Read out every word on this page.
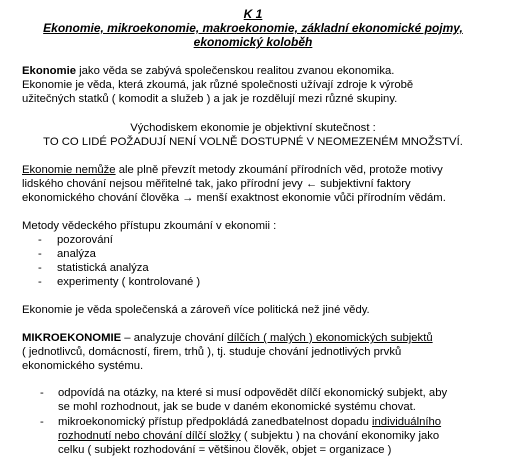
K 1
Ekonomie, mikroekonomie, makroekonomie, základní ekonomické pojmy,
ekonomický koloběh
Ekonomie jako věda se zabývá společenskou realitou zvanou ekonomika.
Ekonomie je věda, která zkoumá, jak různé společnosti užívají zdroje k výrobě
užitečných statků ( komodit a služeb ) a jak je rozdělují mezi různé skupiny.
Východiskem ekonomie je objektivní skutečnost :
TO CO LIDÉ POŽADUJÍ NENÍ VOLNĚ DOSTUPNÉ V NEOMEZENÉM MNOŽSTVÍ.
Ekonomie nemůže ale plně převzít metody zkoumání přírodních věd, protože motivy
lidského chování nejsou měřitelné tak, jako přírodní jevy ← subjektivní faktory
ekonomického chování člověka → menší exaktnost ekonomie vůči přírodním vědám.
Metody vědeckého přístupu zkoumání v ekonomii :
- pozorování
- analýza
- statistická analýza
- experimenty ( kontrolované )
Ekonomie je věda společenská a zároveň více politická než jiné vědy.
MIKROEKONOMIE – analyzuje chování dílčích ( malých ) ekonomických subjektů
( jednotlivců, domácností, firem, trhů ), tj. studuje chování jednotlivých prvků
ekonomického systému.
- odpovídá na otázky, na které si musí odpovědět dílčí ekonomický subjekt, aby
se mohl rozhodnout, jak se bude v daném ekonomické systému chovat.
- mikroekonomický přístup předpokládá zanedbatelnost dopadu individuálního
rozhodnutí nebo chování dílčí složky ( subjektu ) na chování ekonomiky jako
celku ( subjekt rozhodování = většinou člověk, objet = organizace )
